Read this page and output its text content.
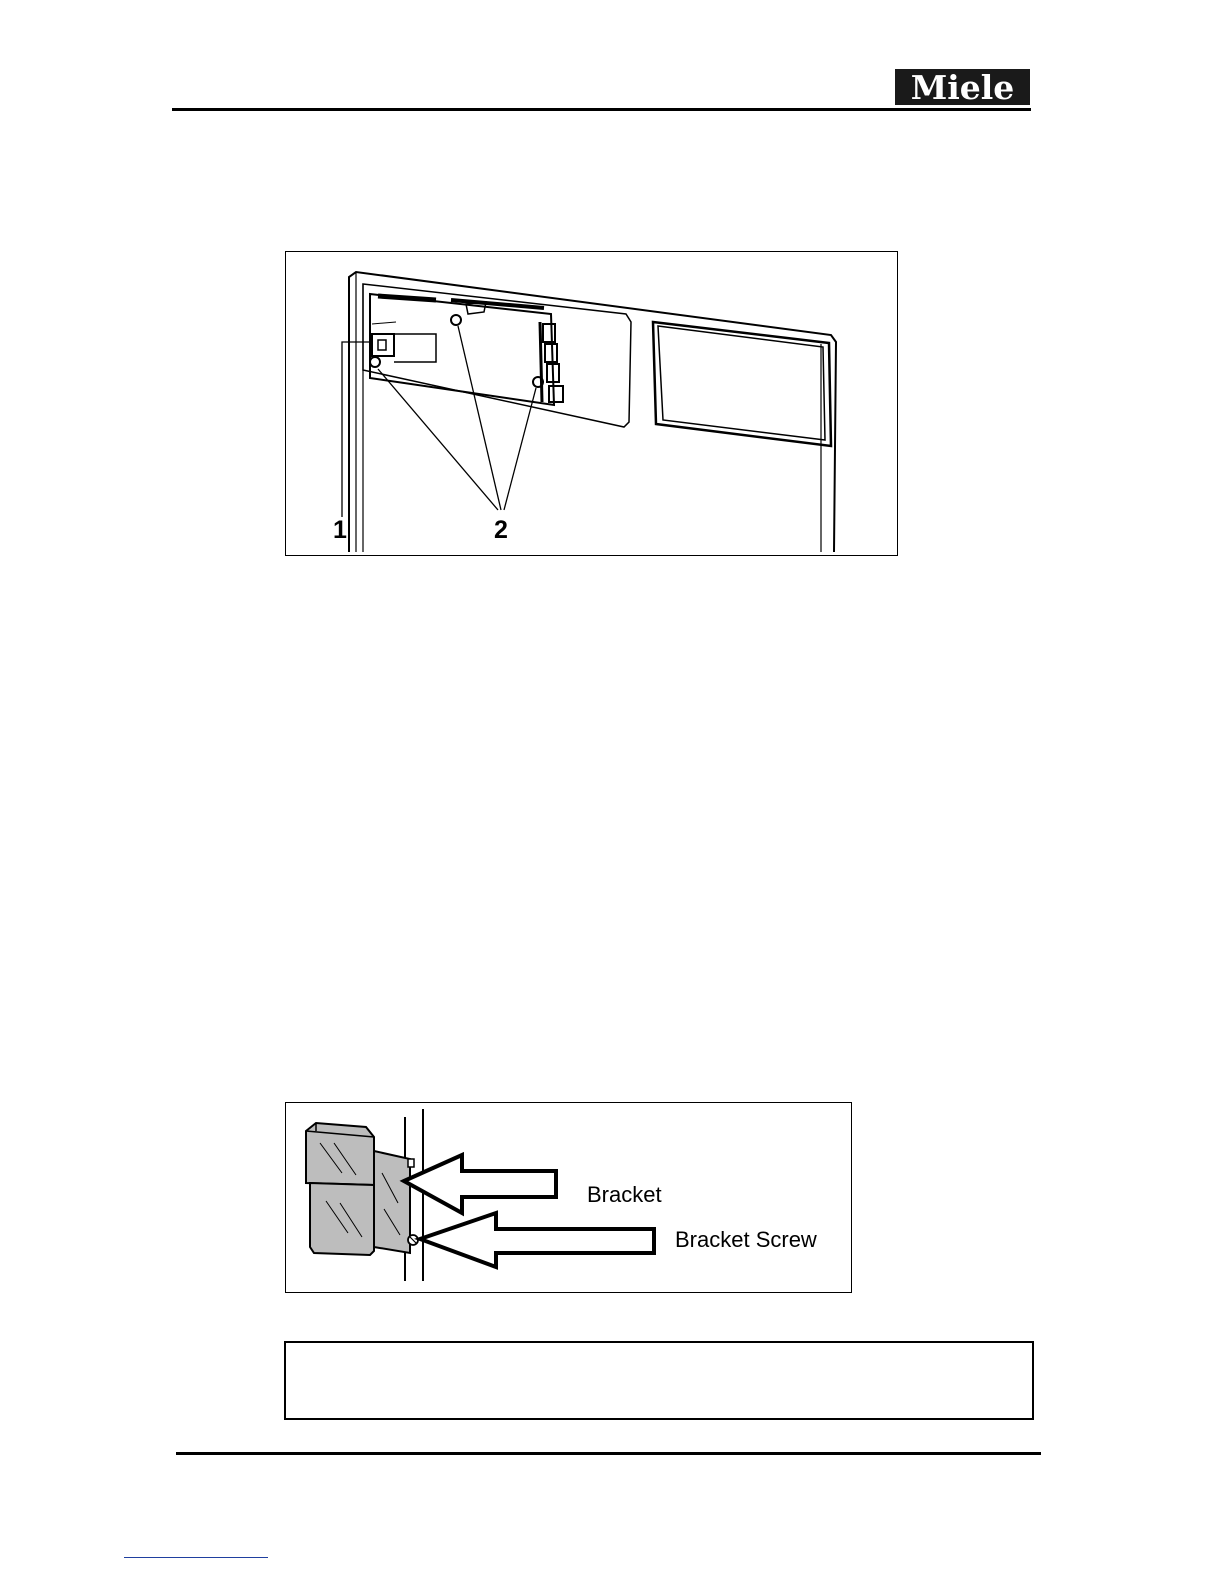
Miele
1	2
Bracket
Bracket Screw
